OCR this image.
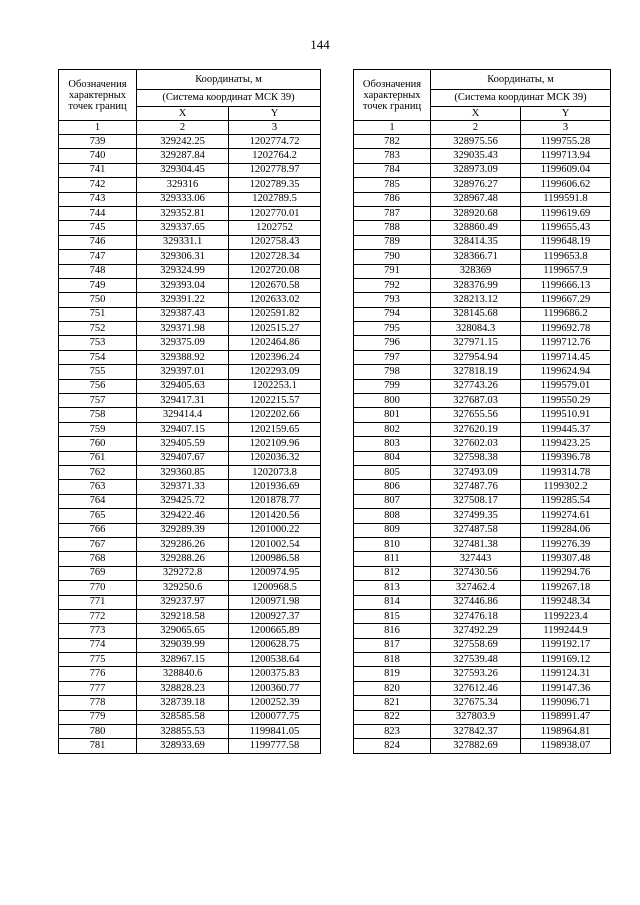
144
Обозначения характерных точек границ	Координаты, м	
	(Система координат МСК 39)	
	X	Y
1	2	3
739	329242.25	1202774.72
740	329287.84	1202764.2
741	329304.45	1202778.97
742	329316	1202789.35
743	329333.06	1202789.5
744	329352.81	1202770.01
745	329337.65	1202752
746	329331.1	1202758.43
747	329306.31	1202728.34
748	329324.99	1202720.08
749	329393.04	1202670.58
750	329391.22	1202633.02
751	329387.43	1202591.82
752	329371.98	1202515.27
753	329375.09	1202464.86
754	329388.92	1202396.24
755	329397.01	1202293.09
756	329405.63	1202253.1
757	329417.31	1202215.57
758	329414.4	1202202.66
759	329407.15	1202159.65
760	329405.59	1202109.96
761	329407.67	1202036.32
762	329360.85	1202073.8
763	329371.33	1201936.69
764	329425.72	1201878.77
765	329422.46	1201420.56
766	329289.39	1201000.22
767	329286.26	1201002.54
768	329288.26	1200986.58
769	329272.8	1200974.95
770	329250.6	1200968.5
771	329237.97	1200971.98
772	329218.58	1200927.37
773	329065.65	1200665.89
774	329039.99	1200628.75
775	328967.15	1200538.64
776	328840.6	1200375.83
777	328828.23	1200360.77
778	328739.18	1200252.39
779	328585.58	1200077.75
780	328855.53	1199841.05
781	328933.69	1199777.58
Обозначения характерных точек границ	Координаты, м	
	(Система координат МСК 39)	
	X	Y
1	2	3
782	328975.56	1199755.28
783	329035.43	1199713.94
784	328973.09	1199609.04
785	328976.27	1199606.62
786	328967.48	1199591.8
787	328920.68	1199619.69
788	328860.49	1199655.43
789	328414.35	1199648.19
790	328366.71	1199653.8
791	328369	1199657.9
792	328376.99	1199666.13
793	328213.12	1199667.29
794	328145.68	1199686.2
795	328084.3	1199692.78
796	327971.15	1199712.76
797	327954.94	1199714.45
798	327818.19	1199624.94
799	327743.26	1199579.01
800	327687.03	1199550.29
801	327655.56	1199510.91
802	327620.19	1199445.37
803	327602.03	1199423.25
804	327598.38	1199396.78
805	327493.09	1199314.78
806	327487.76	1199302.2
807	327508.17	1199285.54
808	327499.35	1199274.61
809	327487.58	1199284.06
810	327481.38	1199276.39
811	327443	1199307.48
812	327430.56	1199294.76
813	327462.4	1199267.18
814	327446.86	1199248.34
815	327476.18	1199223.4
816	327492.29	1199244.9
817	327558.69	1199192.17
818	327539.48	1199169.12
819	327593.26	1199124.31
820	327612.46	1199147.36
821	327675.34	1199096.71
822	327803.9	1198991.47
823	327842.37	1198964.81
824	327882.69	1198938.07
